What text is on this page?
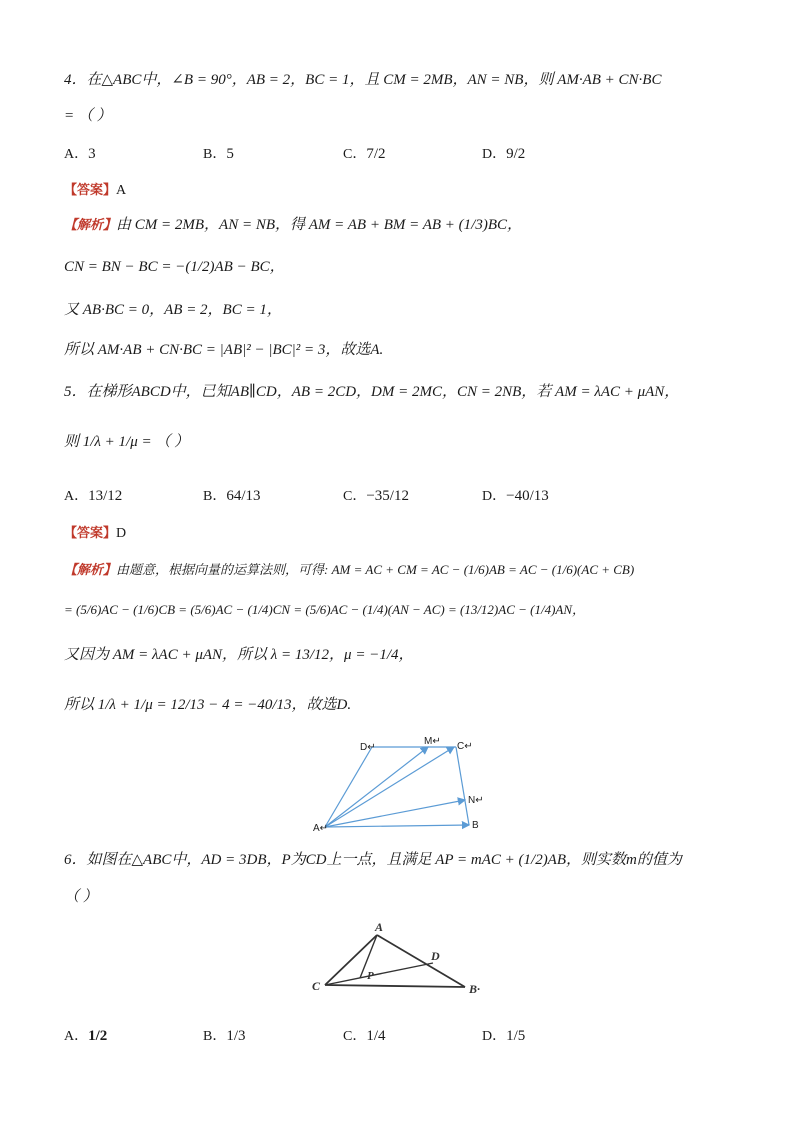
4．在△ABC中，∠B = 90°，AB = 2，BC = 1，且 CM = 2MB，AN = NB，则 AM·AB + CN·BC
= （ ）
A．3	B．5	C．7/2	D．9/2
【答案】A
【解析】由 CM = 2MB，AN = NB，得 AM = AB + BM = AB + (1/3)BC，
CN = BN − BC = −(1/2)AB − BC，
又 AB·BC = 0，AB = 2，BC = 1，
所以 AM·AB + CN·BC = |AB|² − |BC|² = 3，故选A.
5．在梯形ABCD中，已知AB∥CD，AB = 2CD，DM = 2MC，CN = 2NB，若 AM = λAC + μAN，
则 1/λ + 1/μ = （ ）
A．13/12	B．64/13	C．−35/12	D．−40/13
【答案】D
【解析】由题意，根据向量的运算法则，可得: AM = AC + CM = AC − (1/6)AB = AC − (1/6)(AC + CB)
= (5/6)AC − (1/6)CB = (5/6)AC − (1/4)CN = (5/6)AC − (1/4)(AN − AC) = (13/12)AC − (1/4)AN，
又因为 AM = λAC + μAN，所以 λ = 13/12，μ = −1/4，
所以 1/λ + 1/μ = 12/13 − 4 = −40/13，故选D.
D↵
M↵ C↵
N↵
A↵	B
6．如图在△ABC中，AD = 3DB，P为CD上一点，且满足 AP = mAC + (1/2)AB，则实数m的值为
（ ）
A
C
D
P
B·
A．1/2	B．1/3	C．1/4	D．1/5
